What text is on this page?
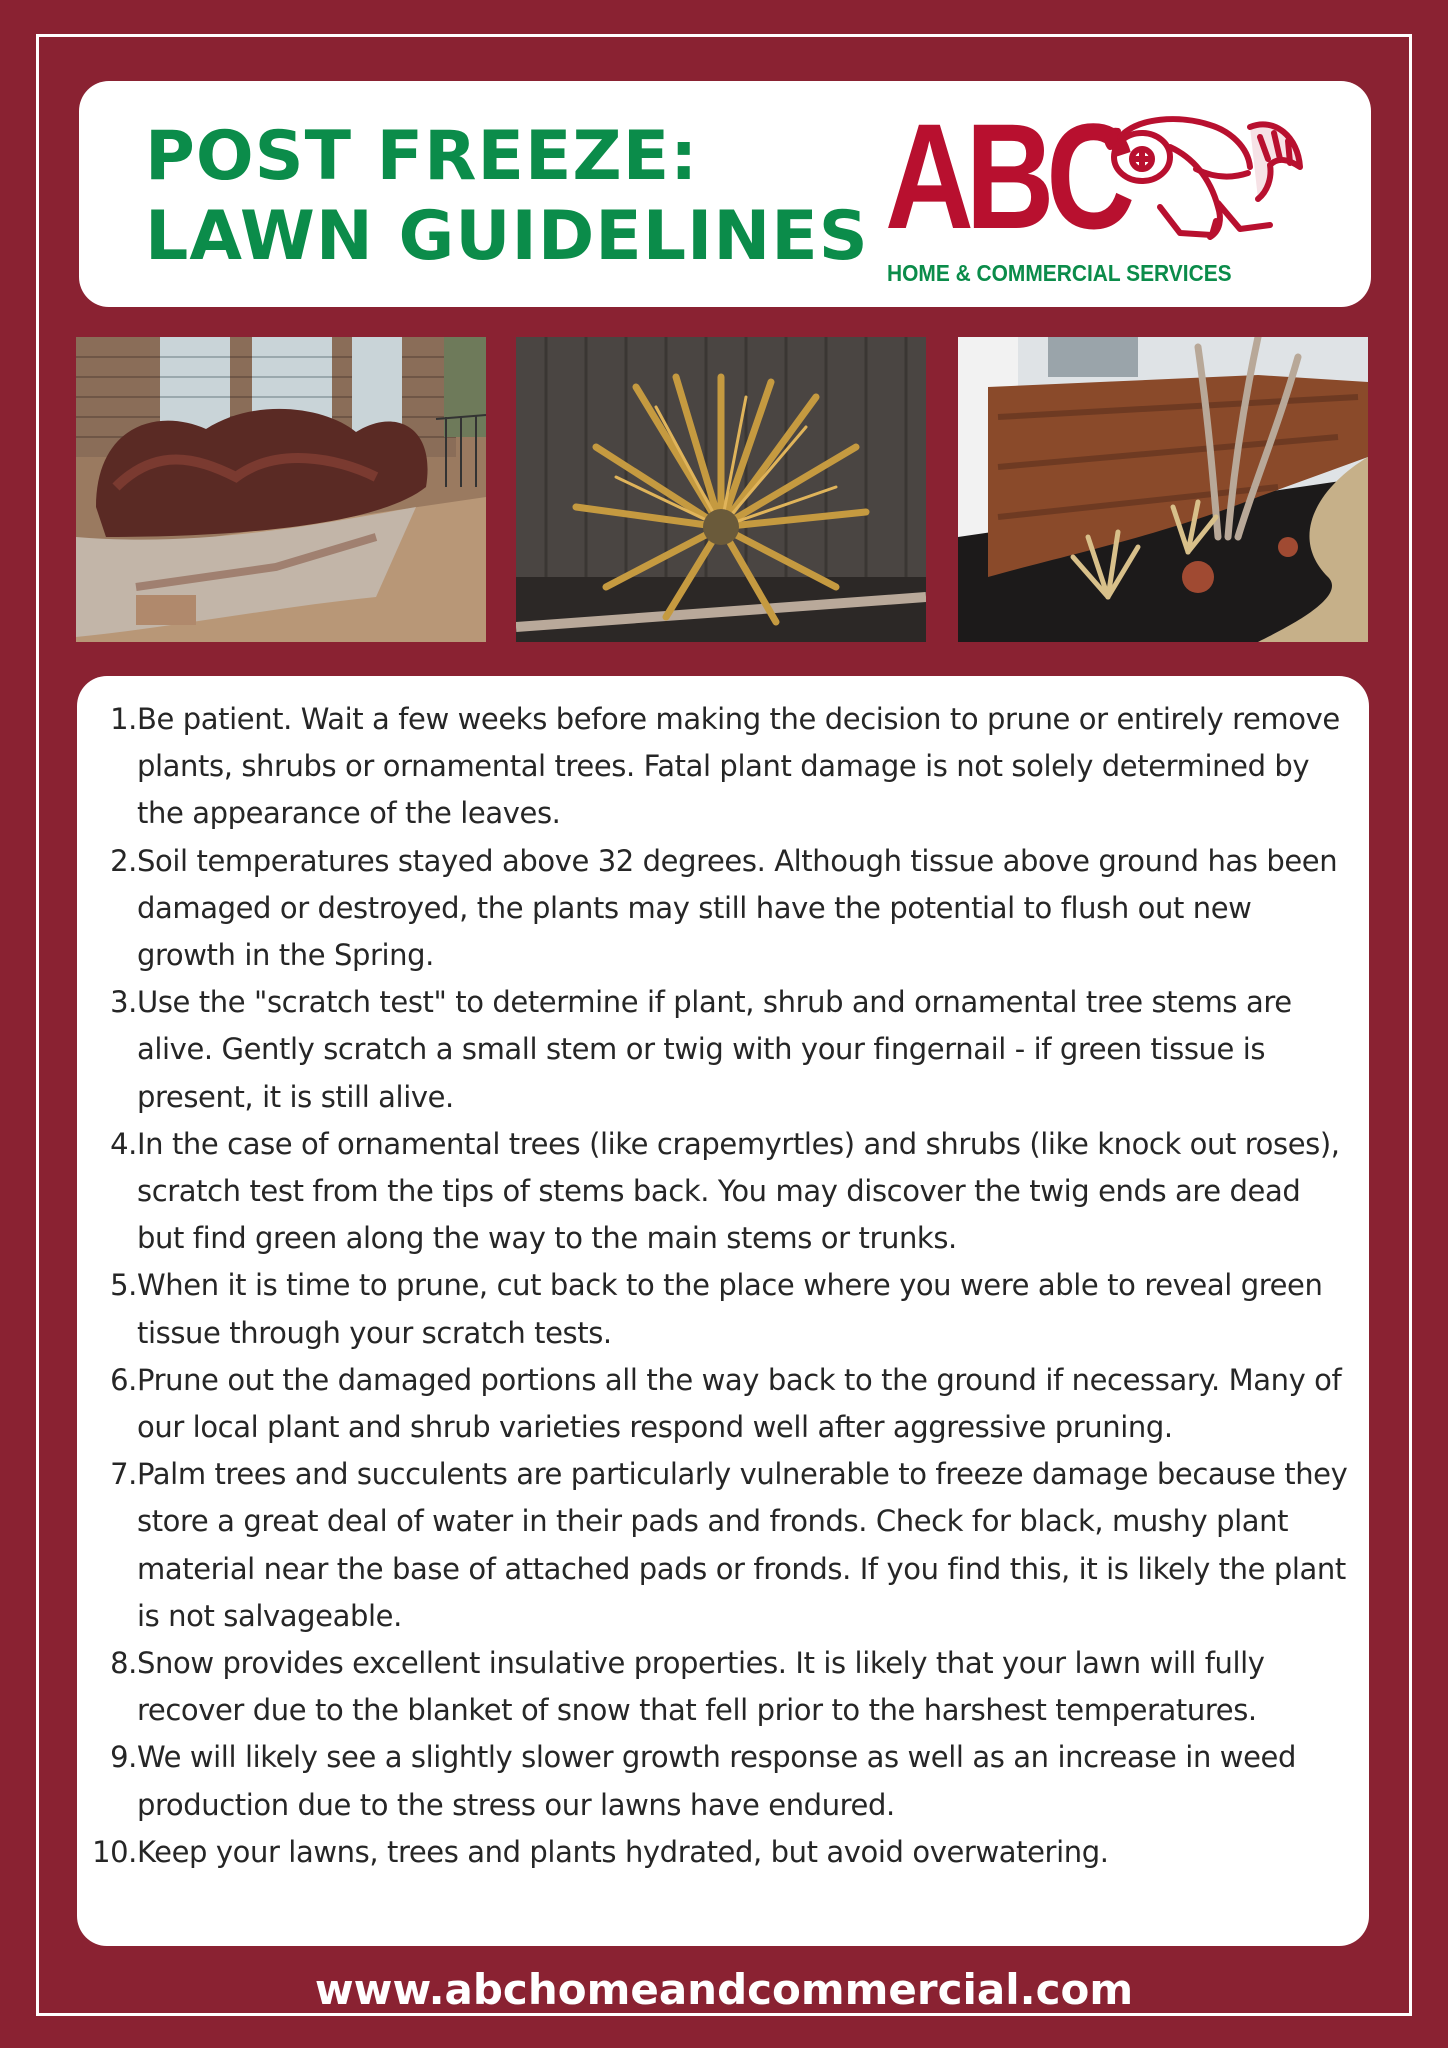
POST FREEZE:
LAWN GUIDELINES ABC
HOME & COMMERCIAL SERVICES
1. Be patient. Wait a few weeks before making the decision to prune or entirely remove plants, shrubs or ornamental trees. Fatal plant damage is not solely determined by the appearance of the leaves.
2. Soil temperatures stayed above 32 degrees. Although tissue above ground has been damaged or destroyed, the plants may still have the potential to flush out new growth in the Spring.
3. Use the "scratch test" to determine if plant, shrub and ornamental tree stems are alive. Gently scratch a small stem or twig with your fingernail - if green tissue is present, it is still alive.
4. In the case of ornamental trees (like crapemyrtles) and shrubs (like knock out roses), scratch test from the tips of stems back. You may discover the twig ends are dead but find green along the way to the main stems or trunks.
5. When it is time to prune, cut back to the place where you were able to reveal green tissue through your scratch tests.
6. Prune out the damaged portions all the way back to the ground if necessary. Many of our local plant and shrub varieties respond well after aggressive pruning.
7. Palm trees and succulents are particularly vulnerable to freeze damage because they store a great deal of water in their pads and fronds. Check for black, mushy plant material near the base of attached pads or fronds. If you find this, it is likely the plant is not salvageable.
8. Snow provides excellent insulative properties. It is likely that your lawn will fully recover due to the blanket of snow that fell prior to the harshest temperatures.
9. We will likely see a slightly slower growth response as well as an increase in weed production due to the stress our lawns have endured.
10. Keep your lawns, trees and plants hydrated, but avoid overwatering.
www.abchomeandcommercial.com
